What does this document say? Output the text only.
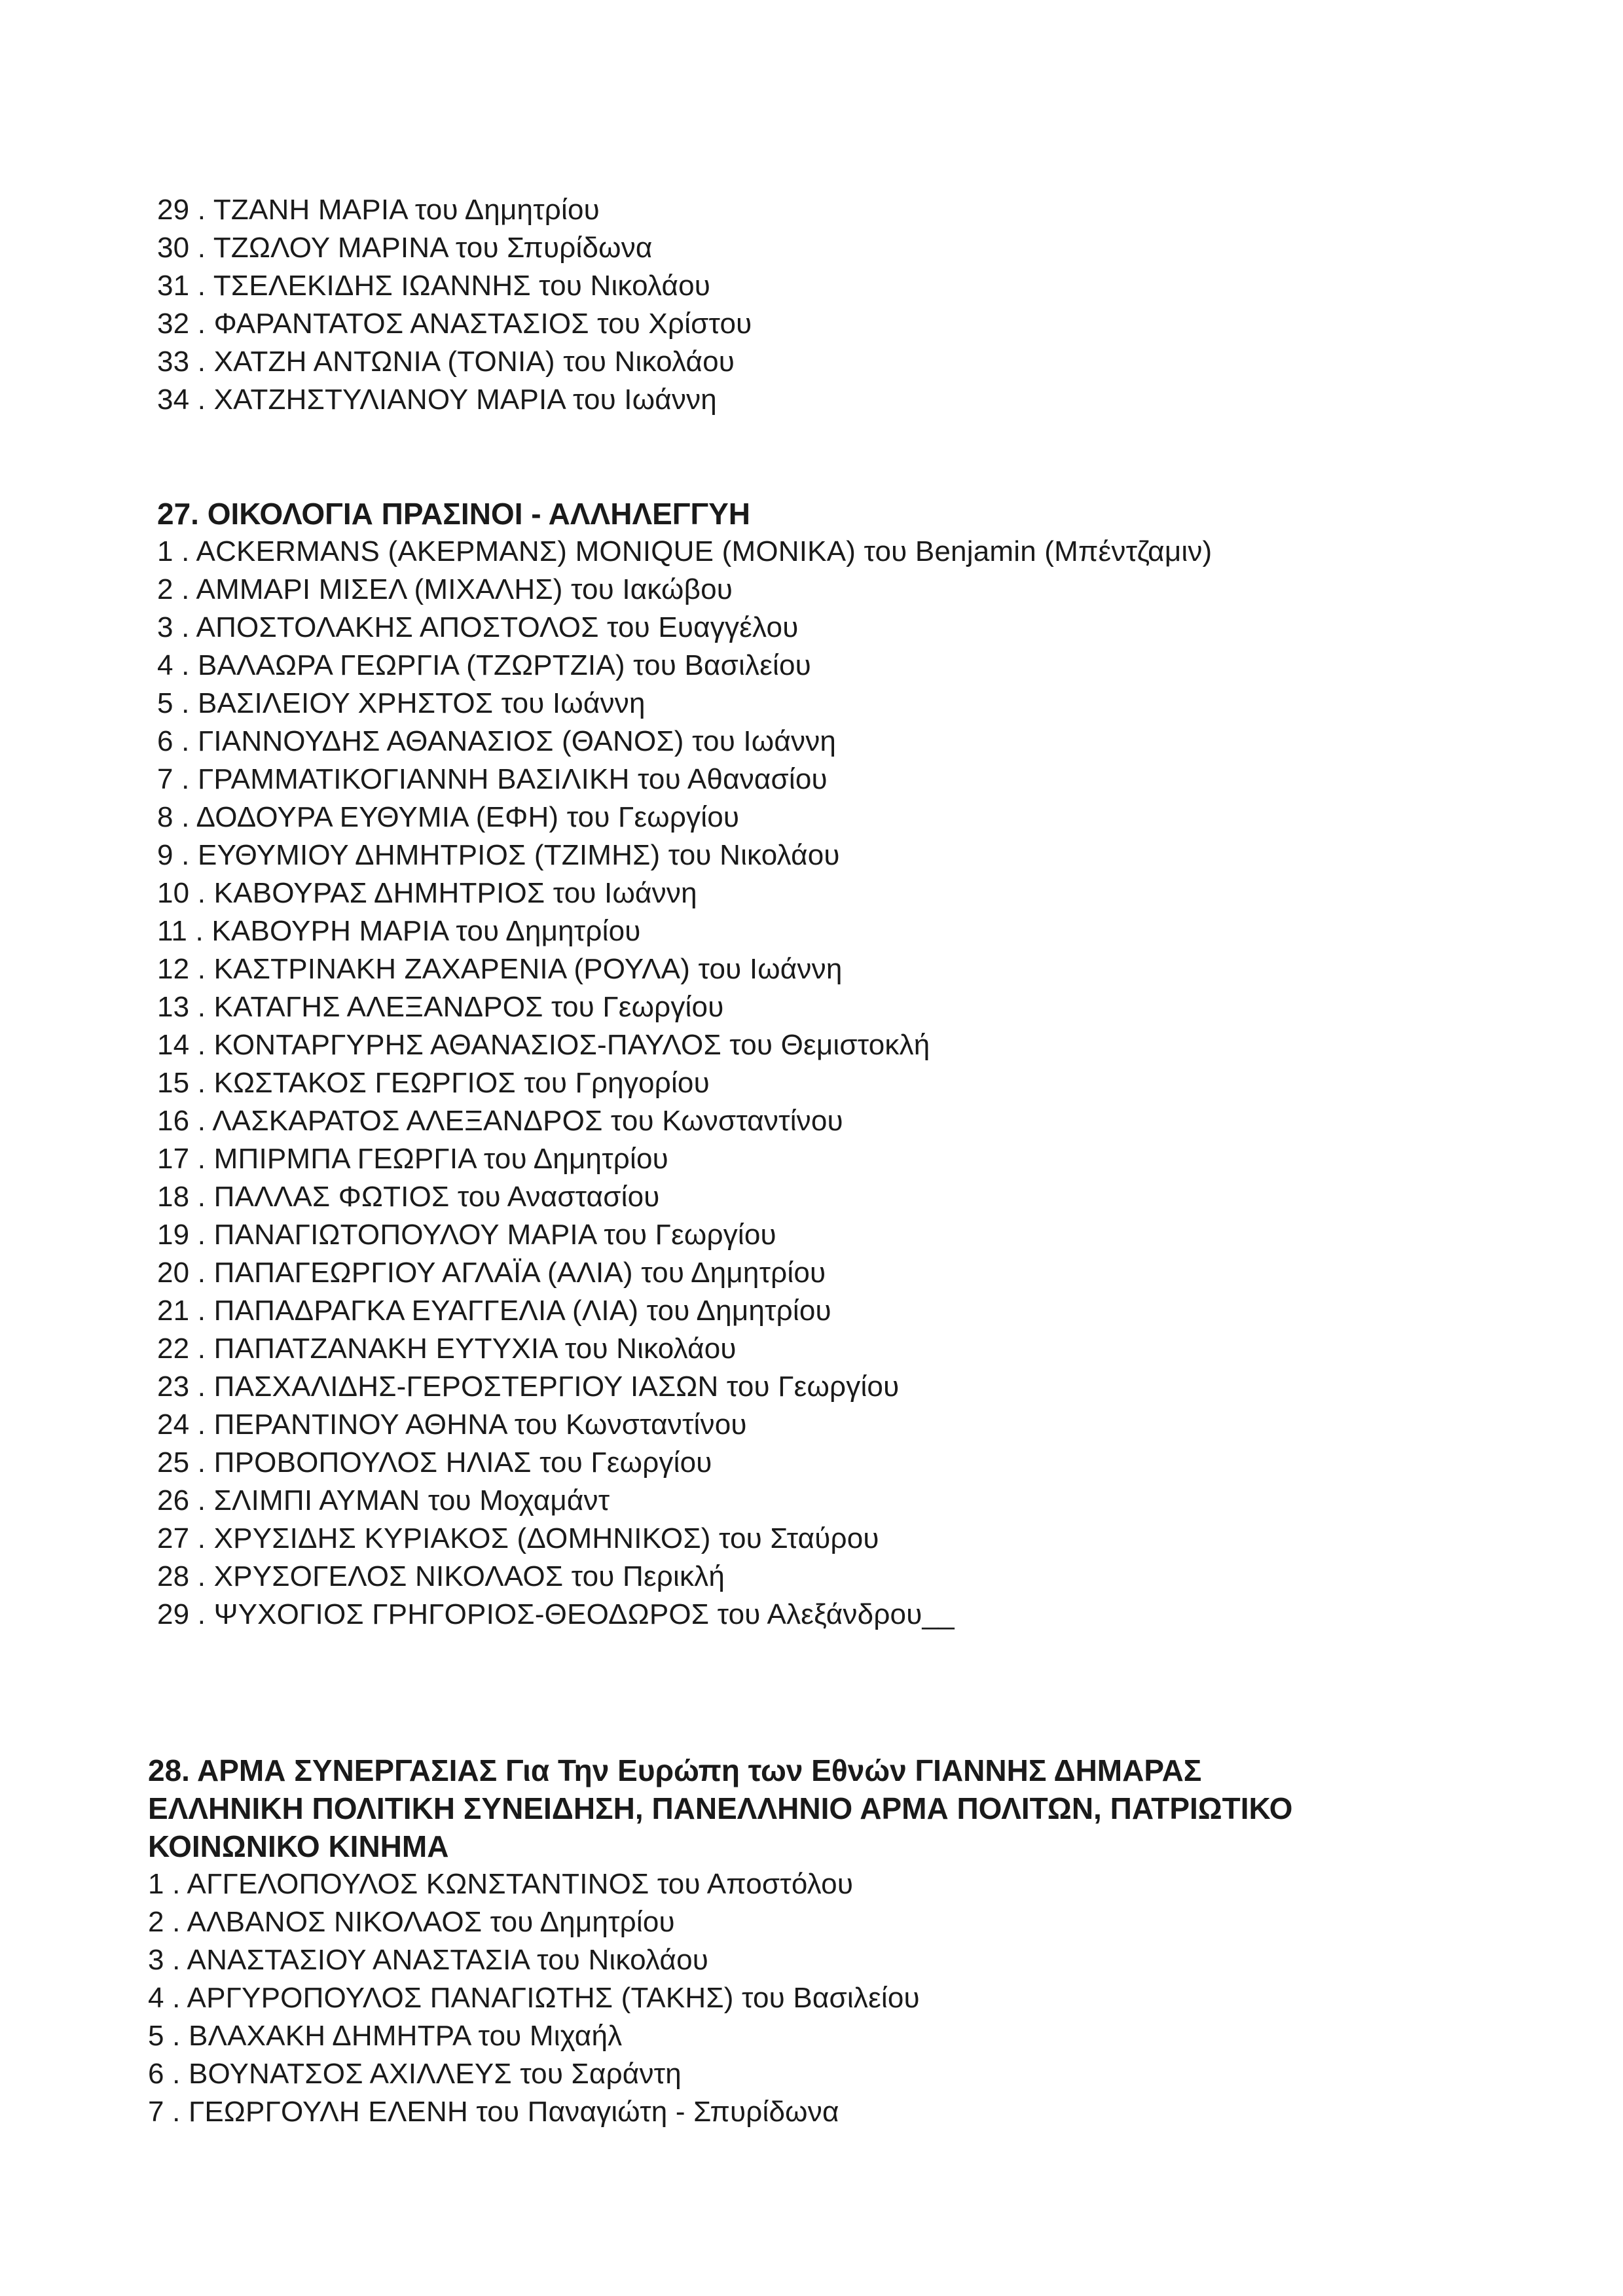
29 . ΤΖΑΝΗ ΜΑΡΙΑ του Δημητρίου
30 . ΤΖΩΛΟΥ ΜΑΡΙΝΑ του Σπυρίδωνα
31 . ΤΣΕΛΕΚΙΔΗΣ ΙΩΑΝΝΗΣ του Νικολάου
32 . ΦΑΡΑΝΤΑΤΟΣ ΑΝΑΣΤΑΣΙΟΣ του Χρίστου
33 . ΧΑΤΖΗ ΑΝΤΩΝΙΑ (ΤΟΝΙΑ) του Νικολάου
34 . ΧΑΤΖΗΣΤΥΛΙΑΝΟΥ ΜΑΡΙΑ του Ιωάννη
27. ΟΙΚΟΛΟΓΙΑ ΠΡΑΣΙΝΟΙ - ΑΛΛΗΛΕΓΓΥΗ
1 . ACKERMANS (ΑΚΕΡΜΑΝΣ) MONIQUE (ΜΟΝΙΚΑ) του Benjamin (Μπέντζαμιν)
2 . ΑΜΜΑΡΙ ΜΙΣΕΛ (ΜΙΧΑΛΗΣ) του Ιακώβου
3 . ΑΠΟΣΤΟΛΑΚΗΣ ΑΠΟΣΤΟΛΟΣ του Ευαγγέλου
4 . ΒΑΛΑΩΡΑ ΓΕΩΡΓΙΑ (ΤΖΩΡΤΖΙΑ) του Βασιλείου
5 . ΒΑΣΙΛΕΙΟΥ ΧΡΗΣΤΟΣ του Ιωάννη
6 . ΓΙΑΝΝΟΥΔΗΣ ΑΘΑΝΑΣΙΟΣ (ΘΑΝΟΣ) του Ιωάννη
7 . ΓΡΑΜΜΑΤΙΚΟΓΙΑΝΝΗ ΒΑΣΙΛΙΚΗ του Αθανασίου
8 . ΔΟΔΟΥΡΑ ΕΥΘΥΜΙΑ (ΕΦΗ) του Γεωργίου
9 . ΕΥΘΥΜΙΟΥ ΔΗΜΗΤΡΙΟΣ (ΤΖΙΜΗΣ) του Νικολάου
10 . ΚΑΒΟΥΡΑΣ ΔΗΜΗΤΡΙΟΣ του Ιωάννη
11 . ΚΑΒΟΥΡΗ ΜΑΡΙΑ του Δημητρίου
12 . ΚΑΣΤΡΙΝΑΚΗ ΖΑΧΑΡΕΝΙΑ (ΡΟΥΛΑ) του Ιωάννη
13 . ΚΑΤΑΓΗΣ ΑΛΕΞΑΝΔΡΟΣ του Γεωργίου
14 . ΚΟΝΤΑΡΓΥΡΗΣ ΑΘΑΝΑΣΙΟΣ-ΠΑΥΛΟΣ του Θεμιστοκλή
15 . ΚΩΣΤΑΚΟΣ ΓΕΩΡΓΙΟΣ του Γρηγορίου
16 . ΛΑΣΚΑΡΑΤΟΣ ΑΛΕΞΑΝΔΡΟΣ του Κωνσταντίνου
17 . ΜΠΙΡΜΠΑ ΓΕΩΡΓΙΑ του Δημητρίου
18 . ΠΑΛΛΑΣ ΦΩΤΙΟΣ του Αναστασίου
19 . ΠΑΝΑΓΙΩΤΟΠΟΥΛΟΥ ΜΑΡΙΑ του Γεωργίου
20 . ΠΑΠΑΓΕΩΡΓΙΟΥ ΑΓΛΑΪΑ (ΑΛΙΑ) του Δημητρίου
21 . ΠΑΠΑΔΡΑΓΚΑ ΕΥΑΓΓΕΛΙΑ (ΛΙΑ) του Δημητρίου
22 . ΠΑΠΑΤΖΑΝΑΚΗ ΕΥΤΥΧΙΑ του Νικολάου
23 . ΠΑΣΧΑΛΙΔΗΣ-ΓΕΡΟΣΤΕΡΓΙΟΥ ΙΑΣΩΝ του Γεωργίου
24 . ΠΕΡΑΝΤΙΝΟΥ ΑΘΗΝΑ του Κωνσταντίνου
25 . ΠΡΟΒΟΠΟΥΛΟΣ ΗΛΙΑΣ του Γεωργίου
26 . ΣΛΙΜΠΙ ΑΥΜΑΝ του Μοχαμάντ
27 . ΧΡΥΣΙΔΗΣ ΚΥΡΙΑΚΟΣ (ΔΟΜΗΝΙΚΟΣ) του Σταύρου
28 . ΧΡΥΣΟΓΕΛΟΣ ΝΙΚΟΛΑΟΣ του Περικλή
29 . ΨΥΧΟΓΙΟΣ ΓΡΗΓΟΡΙΟΣ-ΘΕΟΔΩΡΟΣ του Αλεξάνδρου__
28. ΑΡΜΑ ΣΥΝΕΡΓΑΣΙΑΣ Για Την Ευρώπη των Εθνών ΓΙΑΝΝΗΣ ΔΗΜΑΡΑΣ
ΕΛΛΗΝΙΚΗ ΠΟΛΙΤΙΚΗ ΣΥΝΕΙΔΗΣΗ, ΠΑΝΕΛΛΗΝΙΟ ΑΡΜΑ ΠΟΛΙΤΩΝ, ΠΑΤΡΙΩΤΙΚΟ
ΚΟΙΝΩΝΙΚΟ ΚΙΝΗΜΑ
1 . ΑΓΓΕΛΟΠΟΥΛΟΣ ΚΩΝΣΤΑΝΤΙΝΟΣ του Αποστόλου
2 . ΑΛΒΑΝΟΣ ΝΙΚΟΛΑΟΣ του Δημητρίου
3 . ΑΝΑΣΤΑΣΙΟΥ ΑΝΑΣΤΑΣΙΑ του Νικολάου
4 . ΑΡΓΥΡΟΠΟΥΛΟΣ ΠΑΝΑΓΙΩΤΗΣ (ΤΑΚΗΣ) του Βασιλείου
5 . ΒΛΑΧΑΚΗ ΔΗΜΗΤΡΑ του Μιχαήλ
6 . ΒΟΥΝΑΤΣΟΣ ΑΧΙΛΛΕΥΣ του Σαράντη
7 . ΓΕΩΡΓΟΥΛΗ ΕΛΕΝΗ του Παναγιώτη - Σπυρίδωνα
